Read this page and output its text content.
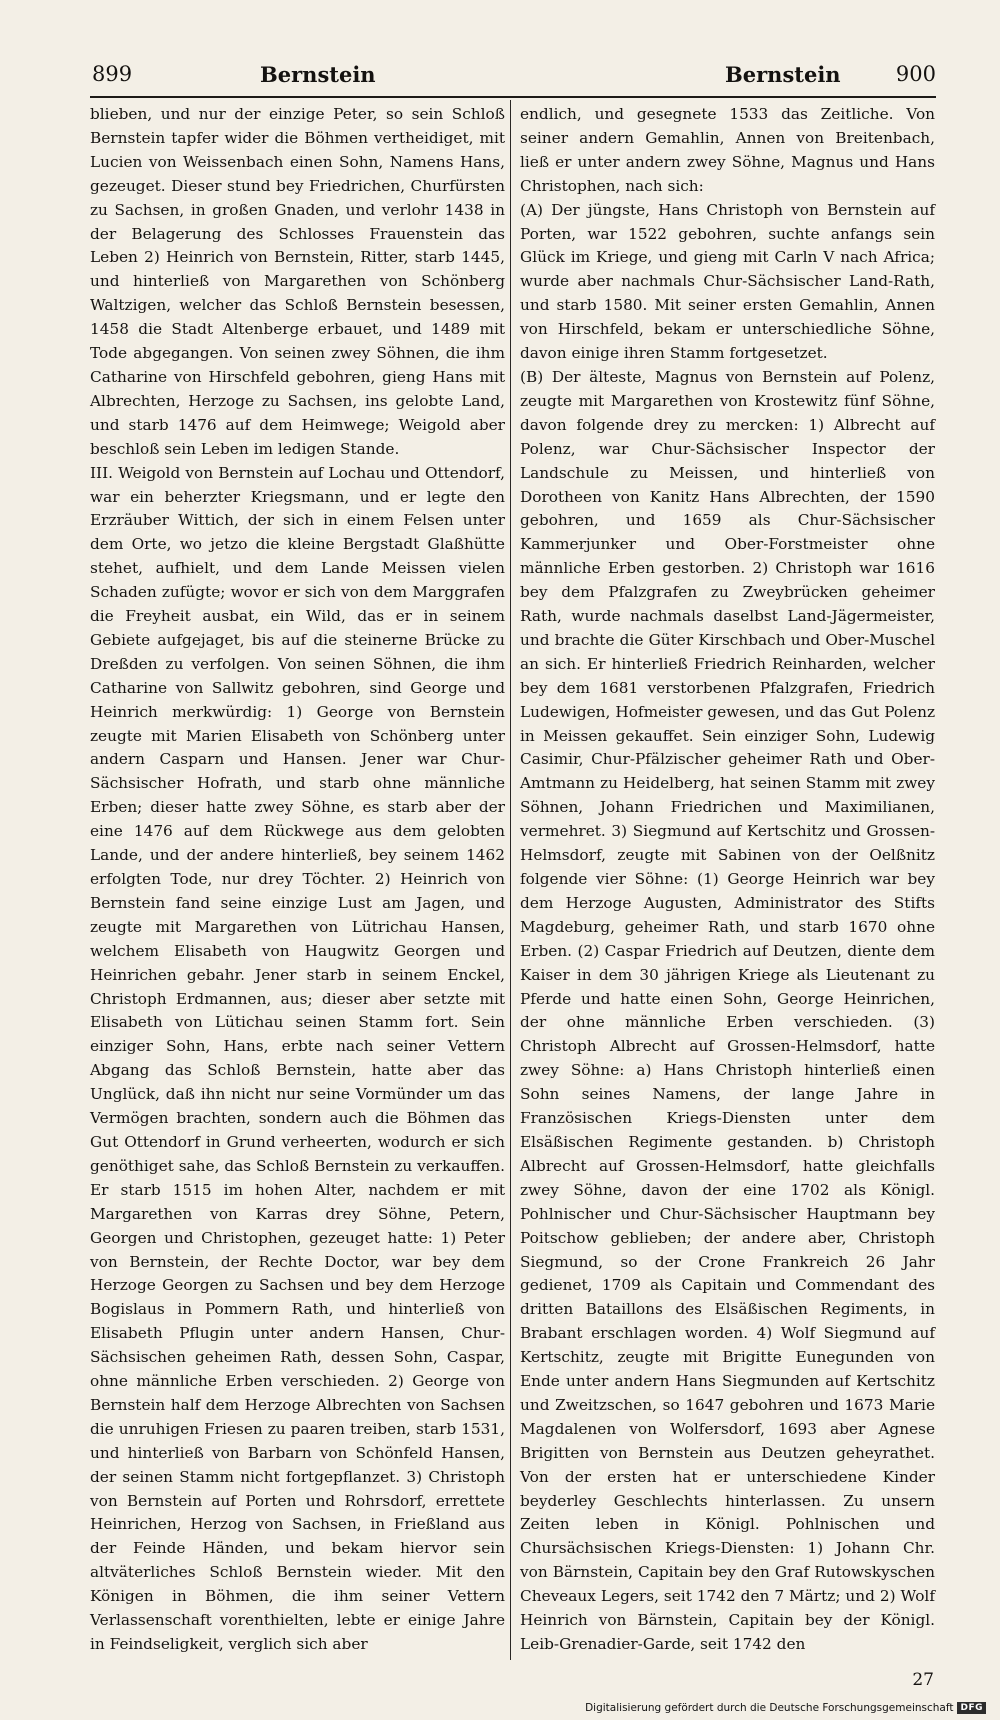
899	Bernstein	Bernstein	900

blieben, und nur der einzige Peter, so sein Schloß Bernstein tapfer wider die Böhmen vertheidiget, mit Lucien von Weissenbach einen Sohn, Namens Hans, gezeuget. Dieser stund bey Friedrichen, Churfürsten zu Sachsen, in großen Gnaden, und verlohr 1438 in der Belagerung des Schlosses Frauenstein das Leben 2) Heinrich von Bernstein, Ritter, starb 1445, und hinterließ von Margarethen von Schönberg Waltzigen, welcher das Schloß Bernstein besessen, 1458 die Stadt Altenberge erbauet, und 1489 mit Tode abgegangen. Von seinen zwey Söhnen, die ihm Catharine von Hirschfeld gebohren, gieng Hans mit Albrechten, Herzoge zu Sachsen, ins gelobte Land, und starb 1476 auf dem Heimwege; Weigold aber beschloß sein Leben im ledigen Stande.

III. Weigold von Bernstein auf Lochau und Ottendorf, war ein beherzter Kriegsmann, und er legte den Erzräuber Wittich, der sich in einem Felsen unter dem Orte, wo jetzo die kleine Bergstadt Glaßhütte stehet, aufhielt, und dem Lande Meissen vielen Schaden zufügte; wovor er sich von dem Marggrafen die Freyheit ausbat, ein Wild, das er in seinem Gebiete aufgejaget, bis auf die steinerne Brücke zu Dreßden zu verfolgen. Von seinen Söhnen, die ihm Catharine von Sallwitz gebohren, sind George und Heinrich merkwürdig: 1) George von Bernstein zeugte mit Marien Elisabeth von Schönberg unter andern Casparn und Hansen. Jener war Chur-Sächsischer Hofrath, und starb ohne männliche Erben; dieser hatte zwey Söhne, es starb aber der eine 1476 auf dem Rückwege aus dem gelobten Lande, und der andere hinterließ, bey seinem 1462 erfolgten Tode, nur drey Töchter. 2) Heinrich von Bernstein fand seine einzige Lust am Jagen, und zeugte mit Margarethen von Lütrichau Hansen, welchem Elisabeth von Haugwitz Georgen und Heinrichen gebahr. Jener starb in seinem Enckel, Christoph Erdmannen, aus; dieser aber setzte mit Elisabeth von Lütichau seinen Stamm fort. Sein einziger Sohn, Hans, erbte nach seiner Vettern Abgang das Schloß Bernstein, hatte aber das Unglück, daß ihn nicht nur seine Vormünder um das Vermögen brachten, sondern auch die Böhmen das Gut Ottendorf in Grund verheerten, wodurch er sich genöthiget sahe, das Schloß Bernstein zu verkauffen. Er starb 1515 im hohen Alter, nachdem er mit Margarethen von Karras drey Söhne, Petern, Georgen und Christophen, gezeuget hatte: 1) Peter von Bernstein, der Rechte Doctor, war bey dem Herzoge Georgen zu Sachsen und bey dem Herzoge Bogislaus in Pommern Rath, und hinterließ von Elisabeth Pflugin unter andern Hansen, Chur-Sächsischen geheimen Rath, dessen Sohn, Caspar, ohne männliche Erben verschieden. 2) George von Bernstein half dem Herzoge Albrechten von Sachsen die unruhigen Friesen zu paaren treiben, starb 1531, und hinterließ von Barbarn von Schönfeld Hansen, der seinen Stamm nicht fortgepflanzet. 3) Christoph von Bernstein auf Porten und Rohrsdorf, errettete Heinrichen, Herzog von Sachsen, in Frießland aus der Feinde Händen, und bekam hiervor sein altväterliches Schloß Bernstein wieder. Mit den Königen in Böhmen, die ihm seiner Vettern Verlassenschaft vorenthielten, lebte er einige Jahre in Feindseligkeit, verglich sich aber

endlich, und gesegnete 1533 das Zeitliche. Von seiner andern Gemahlin, Annen von Breitenbach, ließ er unter andern zwey Söhne, Magnus und Hans Christophen, nach sich:

(A) Der jüngste, Hans Christoph von Bernstein auf Porten, war 1522 gebohren, suchte anfangs sein Glück im Kriege, und gieng mit Carln V nach Africa; wurde aber nachmals Chur-Sächsischer Land-Rath, und starb 1580. Mit seiner ersten Gemahlin, Annen von Hirschfeld, bekam er unterschiedliche Söhne, davon einige ihren Stamm fortgesetzet.

(B) Der älteste, Magnus von Bernstein auf Polenz, zeugte mit Margarethen von Krostewitz fünf Söhne, davon folgende drey zu mercken: 1) Albrecht auf Polenz, war Chur-Sächsischer Inspector der Landschule zu Meissen, und hinterließ von Dorotheen von Kanitz Hans Albrechten, der 1590 gebohren, und 1659 als Chur-Sächsischer Kammerjunker und Ober-Forstmeister ohne männliche Erben gestorben. 2) Christoph war 1616 bey dem Pfalzgrafen zu Zweybrücken geheimer Rath, wurde nachmals daselbst Land-Jägermeister, und brachte die Güter Kirschbach und Ober-Muschel an sich. Er hinterließ Friedrich Reinharden, welcher bey dem 1681 verstorbenen Pfalzgrafen, Friedrich Ludewigen, Hofmeister gewesen, und das Gut Polenz in Meissen gekauffet. Sein einziger Sohn, Ludewig Casimir, Chur-Pfälzischer geheimer Rath und Ober-Amtmann zu Heidelberg, hat seinen Stamm mit zwey Söhnen, Johann Friedrichen und Maximilianen, vermehret. 3) Siegmund auf Kertschitz und Grossen-Helmsdorf, zeugte mit Sabinen von der Oelßnitz folgende vier Söhne: (1) George Heinrich war bey dem Herzoge Augusten, Administrator des Stifts Magdeburg, geheimer Rath, und starb 1670 ohne Erben. (2) Caspar Friedrich auf Deutzen, diente dem Kaiser in dem 30 jährigen Kriege als Lieutenant zu Pferde und hatte einen Sohn, George Heinrichen, der ohne männliche Erben verschieden. (3) Christoph Albrecht auf Grossen-Helmsdorf, hatte zwey Söhne: a) Hans Christoph hinterließ einen Sohn seines Namens, der lange Jahre in Französischen Kriegs-Diensten unter dem Elsäßischen Regimente gestanden. b) Christoph Albrecht auf Grossen-Helmsdorf, hatte gleichfalls zwey Söhne, davon der eine 1702 als Königl. Pohlnischer und Chur-Sächsischer Hauptmann bey Poitschow geblieben; der andere aber, Christoph Siegmund, so der Crone Frankreich 26 Jahr gedienet, 1709 als Capitain und Commendant des dritten Bataillons des Elsäßischen Regiments, in Brabant erschlagen worden. 4) Wolf Siegmund auf Kertschitz, zeugte mit Brigitte Eunegunden von Ende unter andern Hans Siegmunden auf Kertschitz und Zweitzschen, so 1647 gebohren und 1673 Marie Magdalenen von Wolfersdorf, 1693 aber Agnese Brigitten von Bernstein aus Deutzen geheyrathet. Von der ersten hat er unterschiedene Kinder beyderley Geschlechts hinterlassen. Zu unsern Zeiten leben in Königl. Pohlnischen und Chursächsischen Kriegs-Diensten: 1) Johann Chr. von Bärnstein, Capitain bey den Graf Rutowskyschen Cheveaux Legers, seit 1742 den 7 Märtz; und 2) Wolf Heinrich von Bärnstein, Capitain bey der Königl. Leib-Grenadier-Garde, seit 1742 den

27
Digitalisierung gefördert durch die Deutsche Forschungsgemeinschaft DFG
